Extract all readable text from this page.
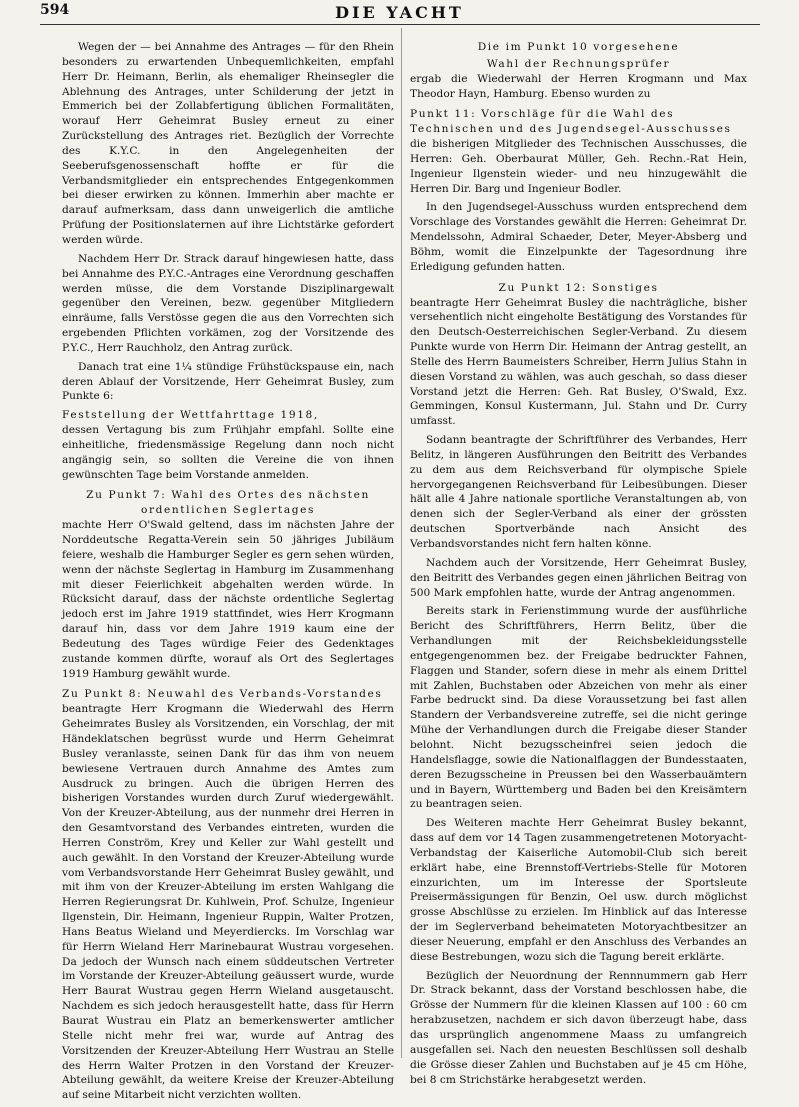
594	DIE YACHT

Wegen der — bei Annahme des Antrages — für den Rhein besonders zu erwartenden Unbequemlichkeiten, empfahl Herr Dr. Heimann, Berlin, als ehemaliger Rheinsegler die Ablehnung des Antrages, unter Schilderung der jetzt in Emmerich bei der Zollabfertigung üblichen Formalitäten, worauf Herr Geheimrat Busley erneut zu einer Zurückstellung des Antrages riet. Bezüglich der Vorrechte des K.Y.C. in den Angelegenheiten der Seeberufsgenossenschaft hoffte er für die Verbandsmitglieder ein entsprechendes Entgegenkommen bei dieser erwirken zu können. Immerhin aber machte er darauf aufmerksam, dass dann unweigerlich die amtliche Prüfung der Positionslaternen auf ihre Lichtstärke gefordert werden würde.

Nachdem Herr Dr. Strack darauf hingewiesen hatte, dass bei Annahme des P.Y.C.-Antrages eine Verordnung geschaffen werden müsse, die dem Vorstande Disziplinargewalt gegenüber den Vereinen, bezw. gegenüber Mitgliedern einräume, falls Verstösse gegen die aus den Vorrechten sich ergebenden Pflichten vorkämen, zog der Vorsitzende des P.Y.C., Herr Rauchholz, den Antrag zurück.

Danach trat eine 1¼ stündige Frühstückspause ein, nach deren Ablauf der Vorsitzende, Herr Geheimrat Busley, zum Punkte 6:

Feststellung der Wettfahrttage 1918,

dessen Vertagung bis zum Frühjahr empfahl. Sollte eine einheitliche, friedensmässige Regelung dann noch nicht angängig sein, so sollten die Vereine die von ihnen gewünschten Tage beim Vorstande anmelden.

Zu Punkt 7: Wahl des Ortes des nächsten

ordentlichen Seglertages

machte Herr O'Swald geltend, dass im nächsten Jahre der Norddeutsche Regatta-Verein sein 50 jähriges Jubiläum feiere, weshalb die Hamburger Segler es gern sehen würden, wenn der nächste Seglertag in Hamburg im Zusammenhang mit dieser Feierlichkeit abgehalten werden würde. In Rücksicht darauf, dass der nächste ordentliche Seglertag jedoch erst im Jahre 1919 stattfindet, wies Herr Krogmann darauf hin, dass vor dem Jahre 1919 kaum eine der Bedeutung des Tages würdige Feier des Gedenktages zustande kommen dürfte, worauf als Ort des Seglertages 1919 Hamburg gewählt wurde.

Zu Punkt 8: Neuwahl des Verbands-Vorstandes

beantragte Herr Krogmann die Wiederwahl des Herrn Geheimrates Busley als Vorsitzenden, ein Vorschlag, der mit Händeklatschen begrüsst wurde und Herrn Geheimrat Busley veranlasste, seinen Dank für das ihm von neuem bewiesene Vertrauen durch Annahme des Amtes zum Ausdruck zu bringen. Auch die übrigen Herren des bisherigen Vorstandes wurden durch Zuruf wiedergewählt. Von der Kreuzer-Abteilung, aus der nunmehr drei Herren in den Gesamtvorstand des Verbandes eintreten, wurden die Herren Conström, Krey und Keller zur Wahl gestellt und auch gewählt. In den Vorstand der Kreuzer-Abteilung wurde vom Verbandsvorstande Herr Geheimrat Busley gewählt, und mit ihm von der Kreuzer-Abteilung im ersten Wahlgang die Herren Regierungsrat Dr. Kuhlwein, Prof. Schulze, Ingenieur Ilgenstein, Dir. Heimann, Ingenieur Ruppin, Walter Protzen, Hans Beatus Wieland und Meyerdiercks. Im Vorschlag war für Herrn Wieland Herr Marinebaurat Wustrau vorgesehen. Da jedoch der Wunsch nach einem süddeutschen Vertreter im Vorstande der Kreuzer-Abteilung geäussert wurde, wurde Herr Baurat Wustrau gegen Herrn Wieland ausgetauscht. Nachdem es sich jedoch herausgestellt hatte, dass für Herrn Baurat Wustrau ein Platz an bemerkenswerter amtlicher Stelle nicht mehr frei war, wurde auf Antrag des Vorsitzenden der Kreuzer-Abteilung Herr Wustrau an Stelle des Herrn Walter Protzen in den Vorstand der Kreuzer-Abteilung gewählt, da weitere Kreise der Kreuzer-Abteilung auf seine Mitarbeit nicht verzichten wollten.

Die im Punkt 10 vorgesehene

Wahl der Rechnungsprüfer

ergab die Wiederwahl der Herren Krogmann und Max Theodor Hayn, Hamburg. Ebenso wurden zu

Punkt 11: Vorschläge für die Wahl des Technischen und des Jugendsegel-Ausschusses

die bisherigen Mitglieder des Technischen Ausschusses, die Herren: Geh. Oberbaurat Müller, Geh. Rechn.-Rat Hein, Ingenieur Ilgenstein wieder- und neu hinzugewählt die Herren Dir. Barg und Ingenieur Bodler.

In den Jugendsegel-Ausschuss wurden entsprechend dem Vorschlage des Vorstandes gewählt die Herren: Geheimrat Dr. Mendelssohn, Admiral Schaeder, Deter, Meyer-Absberg und Böhm, womit die Einzelpunkte der Tagesordnung ihre Erledigung gefunden hatten.

Zu Punkt 12: Sonstiges

beantragte Herr Geheimrat Busley die nachträgliche, bisher versehentlich nicht eingeholte Bestätigung des Vorstandes für den Deutsch-Oesterreichischen Segler-Verband. Zu diesem Punkte wurde von Herrn Dir. Heimann der Antrag gestellt, an Stelle des Herrn Baumeisters Schreiber, Herrn Julius Stahn in diesen Vorstand zu wählen, was auch geschah, so dass dieser Vorstand jetzt die Herren: Geh. Rat Busley, O'Swald, Exz. Gemmingen, Konsul Kustermann, Jul. Stahn und Dr. Curry umfasst.

Sodann beantragte der Schriftführer des Verbandes, Herr Belitz, in längeren Ausführungen den Beitritt des Verbandes zu dem aus dem Reichsverband für olympische Spiele hervorgegangenen Reichsverband für Leibesübungen. Dieser hält alle 4 Jahre nationale sportliche Veranstaltungen ab, von denen sich der Segler-Verband als einer der grössten deutschen Sportverbände nach Ansicht des Verbandsvorstandes nicht fern halten könne.

Nachdem auch der Vorsitzende, Herr Geheimrat Busley, den Beitritt des Verbandes gegen einen jährlichen Beitrag von 500 Mark empfohlen hatte, wurde der Antrag angenommen.

Bereits stark in Ferienstimmung wurde der ausführliche Bericht des Schriftführers, Herrn Belitz, über die Verhandlungen mit der Reichsbekleidungsstelle entgegengenommen bez. der Freigabe bedruckter Fahnen, Flaggen und Stander, sofern diese in mehr als einem Drittel mit Zahlen, Buchstaben oder Abzeichen von mehr als einer Farbe bedruckt sind. Da diese Voraussetzung bei fast allen Standern der Verbandsvereine zutreffe, sei die nicht geringe Mühe der Verhandlungen durch die Freigabe dieser Stander belohnt. Nicht bezugsscheinfrei seien jedoch die Handelsflagge, sowie die Nationalflaggen der Bundesstaaten, deren Bezugsscheine in Preussen bei den Wasserbauämtern und in Bayern, Württemberg und Baden bei den Kreisämtern zu beantragen seien.

Des Weiteren machte Herr Geheimrat Busley bekannt, dass auf dem vor 14 Tagen zusammengetretenen Motoryacht-Verbandstag der Kaiserliche Automobil-Club sich bereit erklärt habe, eine Brennstoff-Vertriebs-Stelle für Motoren einzurichten, um im Interesse der Sportsleute Preisermässigungen für Benzin, Oel usw. durch möglichst grosse Abschlüsse zu erzielen. Im Hinblick auf das Interesse der im Seglerverband beheimateten Motoryachtbesitzer an dieser Neuerung, empfahl er den Anschluss des Verbandes an diese Bestrebungen, wozu sich die Tagung bereit erklärte.

Bezüglich der Neuordnung der Rennnummern gab Herr Dr. Strack bekannt, dass der Vorstand beschlossen habe, die Grösse der Nummern für die kleinen Klassen auf 100 : 60 cm herabzusetzen, nachdem er sich davon überzeugt habe, dass das ursprünglich angenommene Maass zu umfangreich ausgefallen sei. Nach den neuesten Beschlüssen soll deshalb die Grösse dieser Zahlen und Buchstaben auf je 45 cm Höhe, bei 8 cm Strichstärke herabgesetzt werden.
